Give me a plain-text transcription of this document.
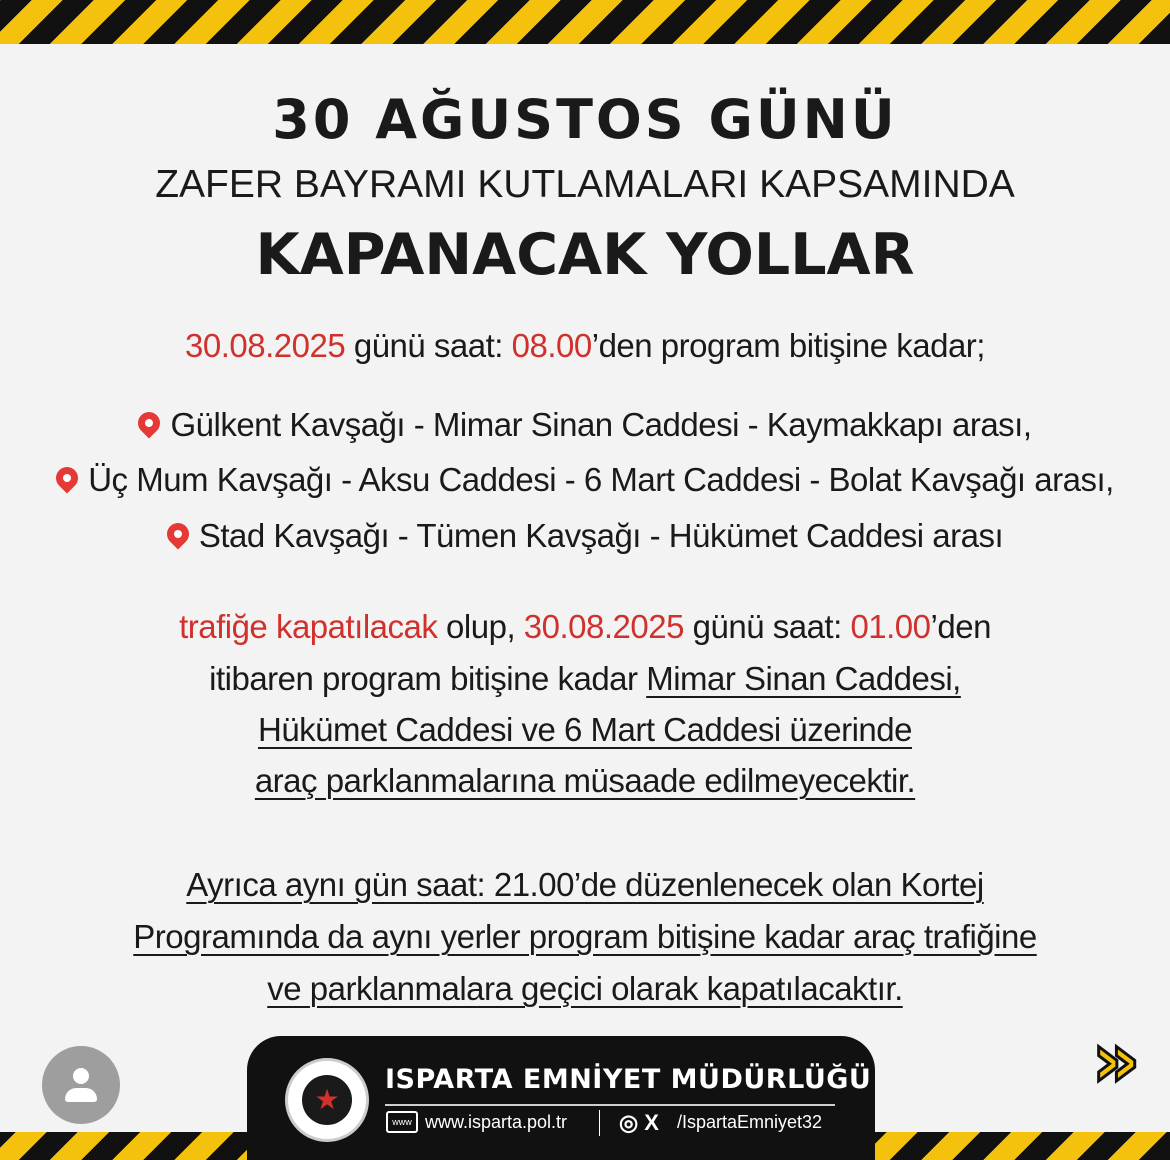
30 AĞUSTOS GÜNÜ
ZAFER BAYRAMI KUTLAMALARI KAPSAMINDA
KAPANACAK YOLLAR
30.08.2025 günü saat: 08.00’den program bitişine kadar;
Gülkent Kavşağı - Mimar Sinan Caddesi - Kaymakkapı arası,
Üç Mum Kavşağı - Aksu Caddesi - 6 Mart Caddesi - Bolat Kavşağı arası,
Stad Kavşağı - Tümen Kavşağı - Hükümet Caddesi arası
trafiğe kapatılacak olup, 30.08.2025 günü saat: 01.00’den
itibaren program bitişine kadar Mimar Sinan Caddesi,
Hükümet Caddesi ve 6 Mart Caddesi üzerinde
araç parklanmalarına müsaade edilmeyecektir.
Ayrıca aynı gün saat: 21.00’de düzenlenecek olan Kortej
Programında da aynı yerler program bitişine kadar araç trafiğine
ve parklanmalara geçici olarak kapatılacaktır.
★
ISPARTA EMNİYET MÜDÜRLÜĞÜ
www www.isparta.pol.tr ◎ X /IspartaEmniyet32
»
